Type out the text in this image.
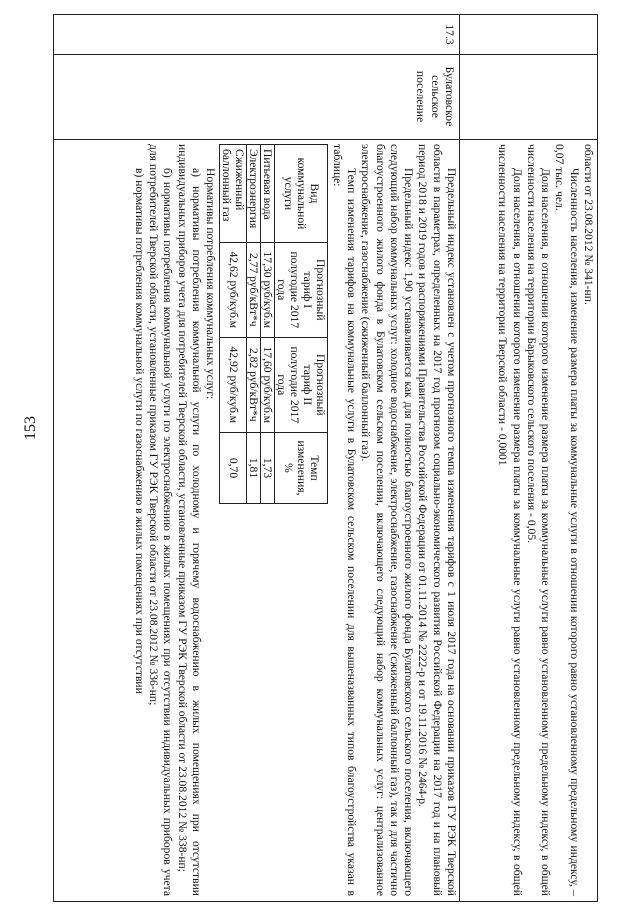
153

области от 23.08.2012 № 341-нп.

Численность населения, изменение размера платы за коммунальные услуги в отношении которого равно установленному предельному индексу, – 0,07 тыс. чел.

Доля населения, в отношении которого изменение размера платы за коммунальные услуги равно установленному предельному индексу, в общей численности населения на территории Барыковского сельского поселения - 0,05.

Доля населения, в отношении которого изменение размера платы за коммунальные услуги равно установленному предельному индексу, в общей численности населения на территории Тверской области - 0,0001

17.3
Булатовское сельское поселение

Предельный индекс установлен с учетом прогнозного темпа изменения тарифов с 1 июля 2017 года на основании приказов ГУ РЭК Тверской области в параметрах, определенных на 2017 год прогнозом социально-экономического развития Российской Федерации на 2017 год и на плановый период 2018 и 2019 годов и распоряжениями Правительства Российской Федерации от 01.11.2014 № 2222-р и от 19.11.2016 № 2464-р.

Предельный индекс 1,90 устанавливается как для полностью благоустроенного жилого фонда Булатовского сельского поселения, включающего следующий набор коммунальных услуг: холодное водоснабжение, электроснабжение, газоснабжение (сжиженный баллонный газ), так и для частично благоустроенного жилого фонда в Булатовском сельском поселении, включающего следующий набор коммунальных услуг: централизованное электроснабжение, газоснабжение (сжиженный баллонный газ).

Темп изменения тарифов на коммунальные услуги в Булатовском сельском поселении для вышеназванных типов благоустройства указан в таблице:

Вид коммунальной услуги	Прогнозный тариф I полугодие 2017 года	Прогнозный тариф II полугодие 2017 года	Темп изменения, %
Питьевая вода	17,30 руб/куб.м	17,60 руб/куб.м	1,73
Электроэнергия	2,77 руб/кВт*ч	2,82 руб/кВт*ч	1,81
Сжиженный баллонный газ	42,62 руб/куб.м	42,92 руб/куб.м	0,70

Нормативы потребления коммунальных услуг:

а) нормативы потребления коммунальной услуги по холодному и горячему водоснабжению в жилых помещениях при отсутствии индивидуальных приборов учета для потребителей Тверской области, установленные приказом ГУ РЭК Тверской области от 23.08.2012 № 338-нп;

б) нормативы потребления коммунальной услуги по электроснабжению в жилых помещениях при отсутствии индивидуальных приборов учета для потребителей Тверской области, установленные приказом ГУ РЭК Тверской области от 23.08.2012 № 336-нп;

в) нормативы потребления коммунальной услуги по газоснабжению в жилых помещениях при отсутствии
